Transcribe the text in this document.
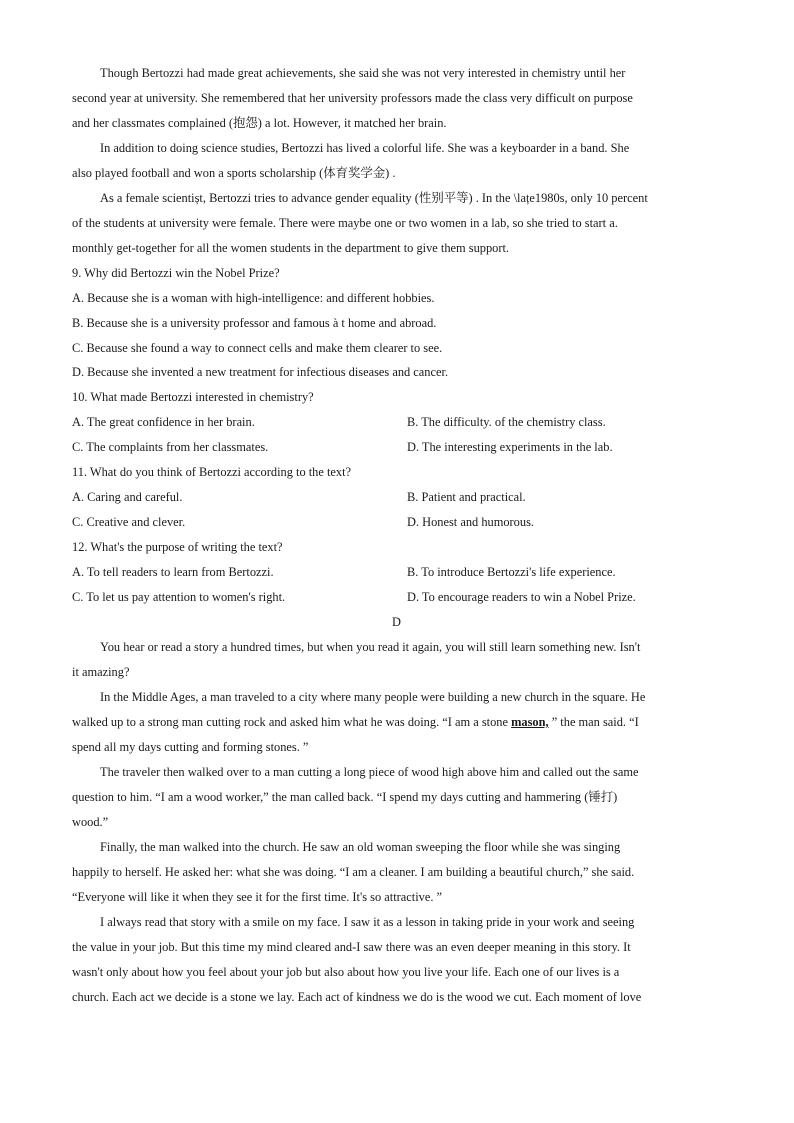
Though Bertozzi had made great achievements, she said she was not very interested in chemistry until her
second year at university. She remembered that her university professors made the class very difficult on purpose
and her classmates complained (抱怨) a lot. However, it matched her brain.
In addition to doing science studies, Bertozzi has lived a colorful life. She was a keyboarder in a band. She
also played football and won a sports scholarship (体育奖学金) .
As a female scientișt, Bertozzi tries to advance gender equality (性别平等) . In the \lațe1980s, only 10 percent
of the students at university were female. There were maybe one or two women in a lab, so she tried to start a.
monthly get-together for all the women students in the department to give them support.
9. Why did Bertozzi win the Nobel Prize?
A. Because she is a woman with high-intelligence: and different hobbies.
B. Because she is a university professor and famous à t home and abroad.
C. Because she found a way to connect cells and make them clearer to see.
D. Because she invented a new treatment for infectious diseases and cancer.
10. What made Bertozzi interested in chemistry?
A. The great confidence in her brain.	B. The difficulty. of the chemistry class.
C. The complaints from her classmates.	D. The interesting experiments in the lab.
11. What do you think of Bertozzi according to the text?
A. Caring and careful.	B. Patient and practical.
C. Creative and clever.	D. Honest and humorous.
12. What's the purpose of writing the text?
A. To tell readers to learn from Bertozzi.	B. To introduce Bertozzi's life experience.
C. To let us pay attention to women's right.	D. To encourage readers to win a Nobel Prize.
D
You hear or read a story a hundred times, but when you read it again, you will still learn something new. Isn't
it amazing?
In the Middle Ages, a man traveled to a city where many people were building a new church in the square. He
walked up to a strong man cutting rock and asked him what he was doing. “I am a stone mason, ” the man said. “I
spend all my days cutting and forming stones. ”
The traveler then walked over to a man cutting a long piece of wood high above him and called out the same
question to him. “I am a wood worker,” the man called back. “I spend my days cutting and hammering (锤打)
wood.”
Finally, the man walked into the church. He saw an old woman sweeping the floor while she was singing
happily to herself. He asked her: what she was doing. “I am a cleaner. I am building a beautiful church,” she said.
“Everyone will like it when they see it for the first time. It's so attractive. ”
I always read that story with a smile on my face. I saw it as a lesson in taking pride in your work and seeing
the value in your job. But this time my mind cleared and-I saw there was an even deeper meaning in this story. It
wasn't only about how you feel about your job but also about how you live your life. Each one of our lives is a
church. Each act we decide is a stone we lay. Each act of kindness we do is the wood we cut. Each moment of love
